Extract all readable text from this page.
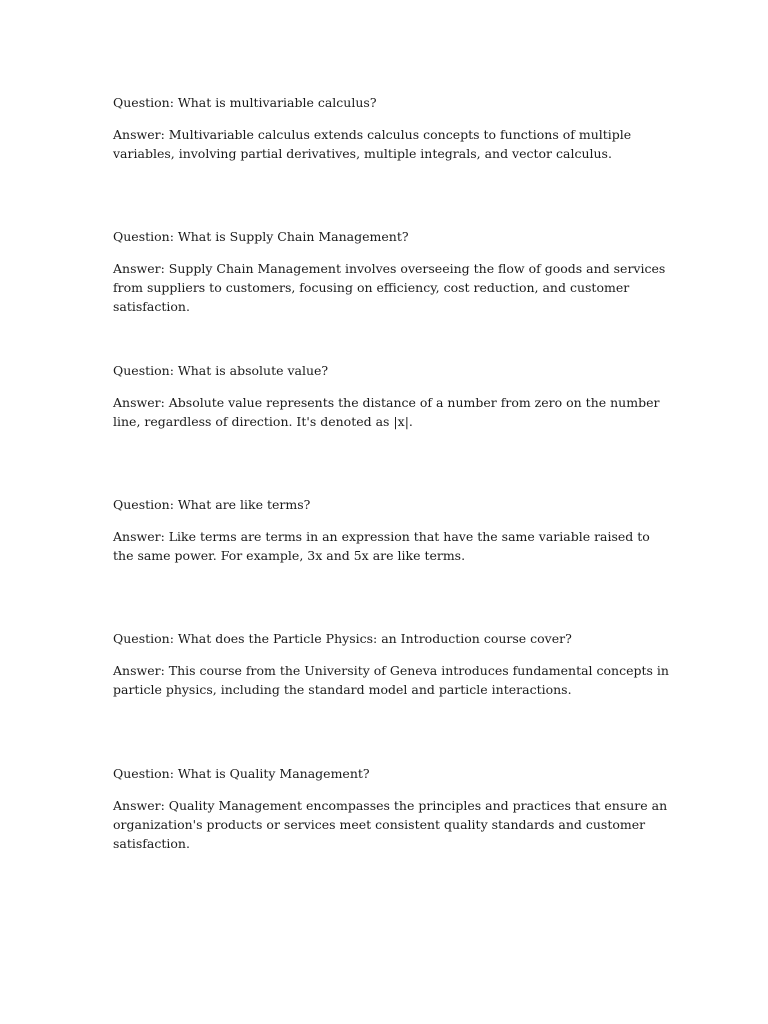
Question: What is multivariable calculus?

Answer: Multivariable calculus extends calculus concepts to functions of multiple variables, involving partial derivatives, multiple integrals, and vector calculus.

Question: What is Supply Chain Management?

Answer: Supply Chain Management involves overseeing the flow of goods and services from suppliers to customers, focusing on efficiency, cost reduction, and customer satisfaction.

Question: What is absolute value?

Answer: Absolute value represents the distance of a number from zero on the number line, regardless of direction. It's denoted as |x|.

Question: What are like terms?

Answer: Like terms are terms in an expression that have the same variable raised to the same power. For example, 3x and 5x are like terms.

Question: What does the Particle Physics: an Introduction course cover?

Answer: This course from the University of Geneva introduces fundamental concepts in particle physics, including the standard model and particle interactions.

Question: What is Quality Management?

Answer: Quality Management encompasses the principles and practices that ensure an organization's products or services meet consistent quality standards and customer satisfaction.
